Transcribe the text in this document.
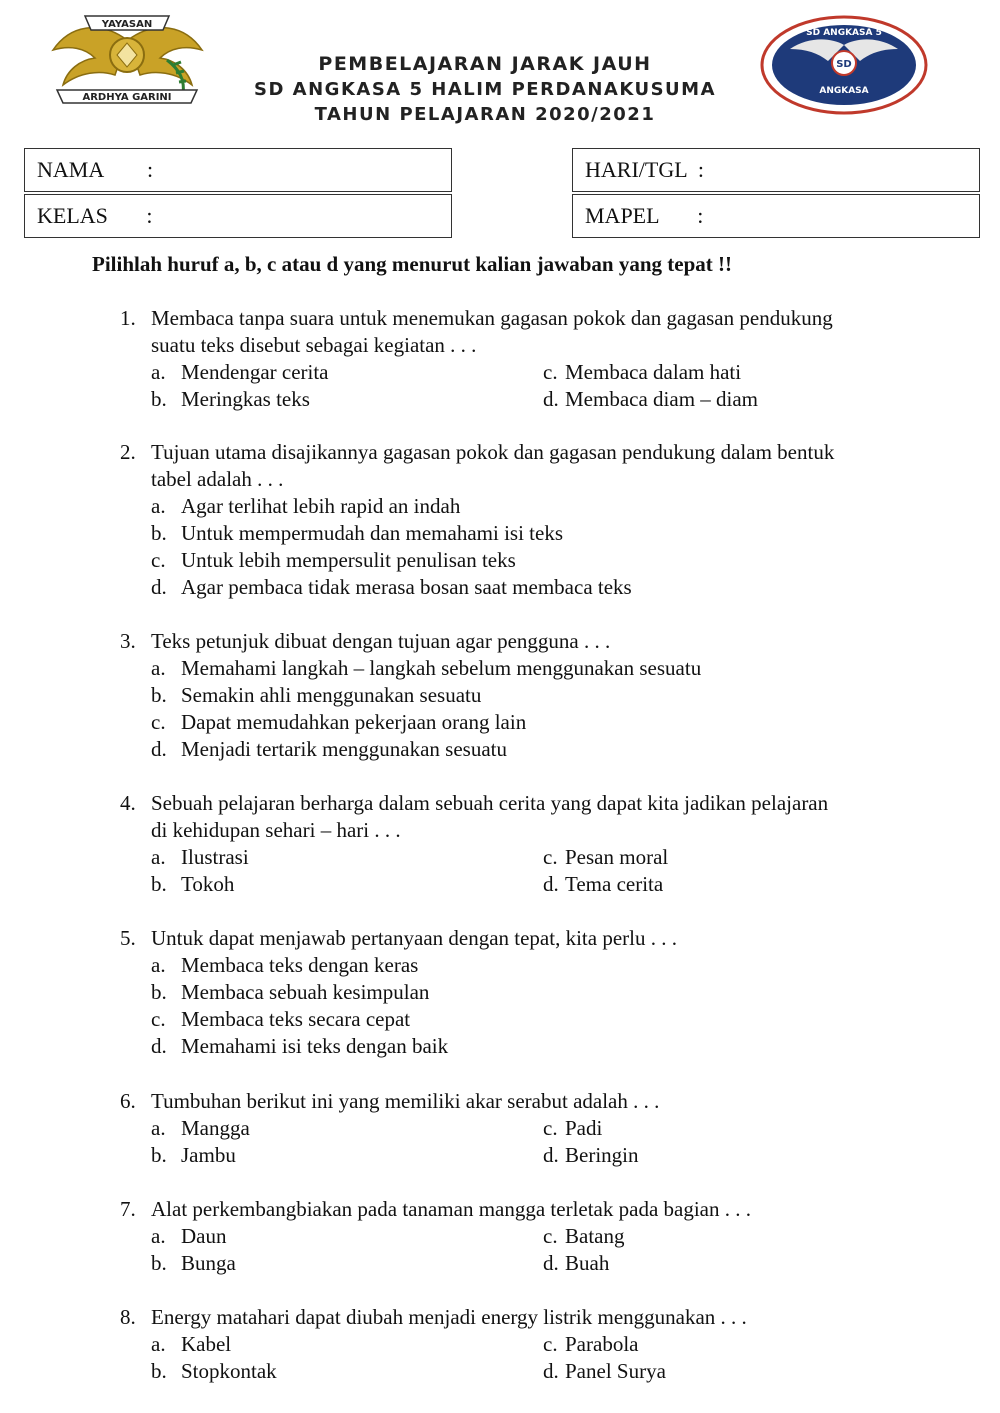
YAYASAN
ARDHYA GARINI
PEMBELAJARAN JARAK JAUH
SD ANGKASA 5 HALIM PERDANAKUSUMA
TAHUN PELAJARAN 2020/2021
SD ANGKASA 5
SD
ANGKASA
NAMA        :
KELAS       :
HARI/TGL  :
MAPEL       :
Pilihlah huruf a, b, c atau d yang menurut kalian jawaban yang tepat !!
1. Membaca tanpa suara untuk menemukan gagasan pokok dan gagasan pendukung suatu teks disebut sebagai kegiatan . . .
a. Mendengar cerita	c. Membaca dalam hati
b. Meringkas teks	d. Membaca diam – diam
2. Tujuan utama disajikannya gagasan pokok dan gagasan pendukung dalam bentuk tabel adalah . . .
a. Agar terlihat lebih rapid an indah
b. Untuk mempermudah dan memahami isi teks
c. Untuk lebih mempersulit penulisan teks
d. Agar pembaca tidak merasa bosan saat membaca teks
3. Teks petunjuk dibuat dengan tujuan agar pengguna . . .
a. Memahami langkah – langkah sebelum menggunakan sesuatu
b. Semakin ahli menggunakan sesuatu
c. Dapat memudahkan pekerjaan orang lain
d. Menjadi tertarik menggunakan sesuatu
4. Sebuah pelajaran berharga dalam sebuah cerita yang dapat kita jadikan pelajaran di kehidupan sehari – hari . . .
a. Ilustrasi	c. Pesan moral
b. Tokoh	d. Tema cerita
5. Untuk dapat menjawab pertanyaan dengan tepat, kita perlu . . .
a. Membaca teks dengan keras
b. Membaca sebuah kesimpulan
c. Membaca teks secara cepat
d. Memahami isi teks dengan baik
6. Tumbuhan berikut ini yang memiliki akar serabut adalah . . .
a. Mangga	c. Padi
b. Jambu	d. Beringin
7. Alat perkembangbiakan pada tanaman mangga terletak pada bagian . . .
a. Daun	c. Batang
b. Bunga	d. Buah
8. Energy matahari dapat diubah menjadi energy listrik menggunakan . . .
a. Kabel	c. Parabola
b. Stopkontak	d. Panel Surya
